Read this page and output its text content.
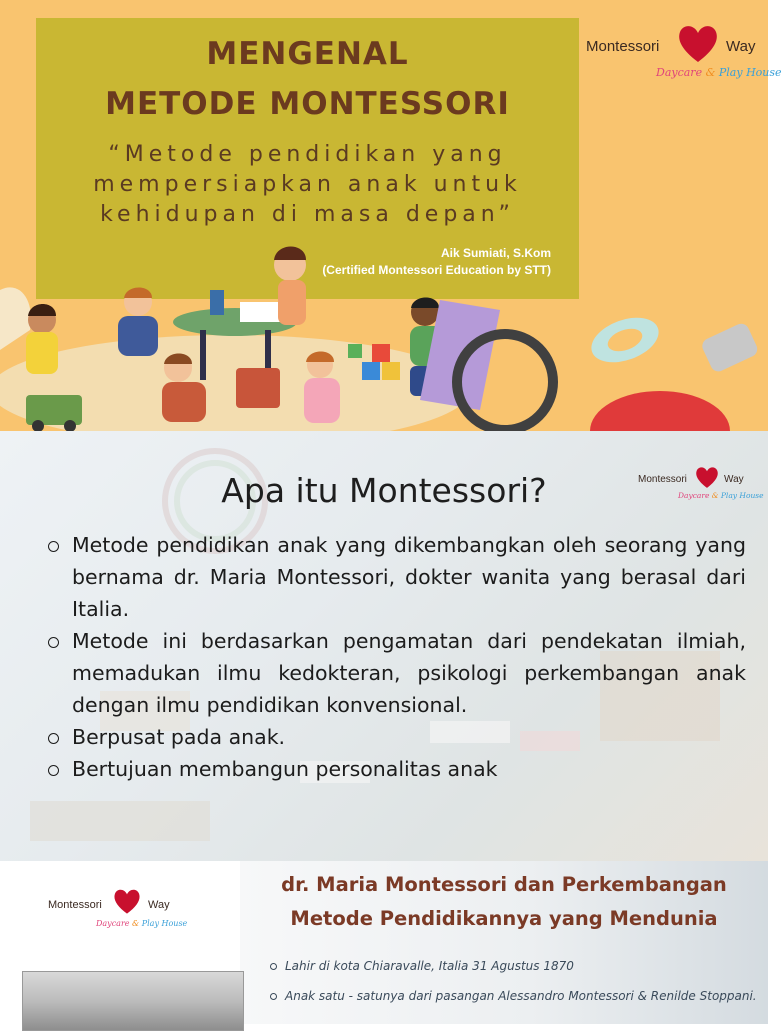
MENGENAL
METODE MONTESSORI
“Metode pendidikan yang
mempersiapkan anak untuk
kehidupan di masa depan”
Aik Sumiati, S.Kom
(Certified Montessori Education by STT)
Montessori	Way
Daycare & Play House
Apa itu Montessori?	Montessori	Way
Daycare & Play House
Metode pendidikan anak yang dikembangkan oleh seorang yang bernama dr. Maria Montessori, dokter wanita yang berasal dari Italia.
Metode ini berdasarkan pengamatan dari pendekatan ilmiah, memadukan ilmu kedokteran, psikologi perkembangan anak dengan ilmu pendidikan konvensional.
Berpusat pada anak.
Bertujuan membangun personalitas anak
Montessori	Way
Daycare & Play House
dr. Maria Montessori dan Perkembangan
Metode Pendidikannya yang Mendunia
Lahir di kota Chiaravalle, Italia 31 Agustus 1870
Anak satu - satunya dari pasangan Alessandro Montessori & Renilde Stoppani.
